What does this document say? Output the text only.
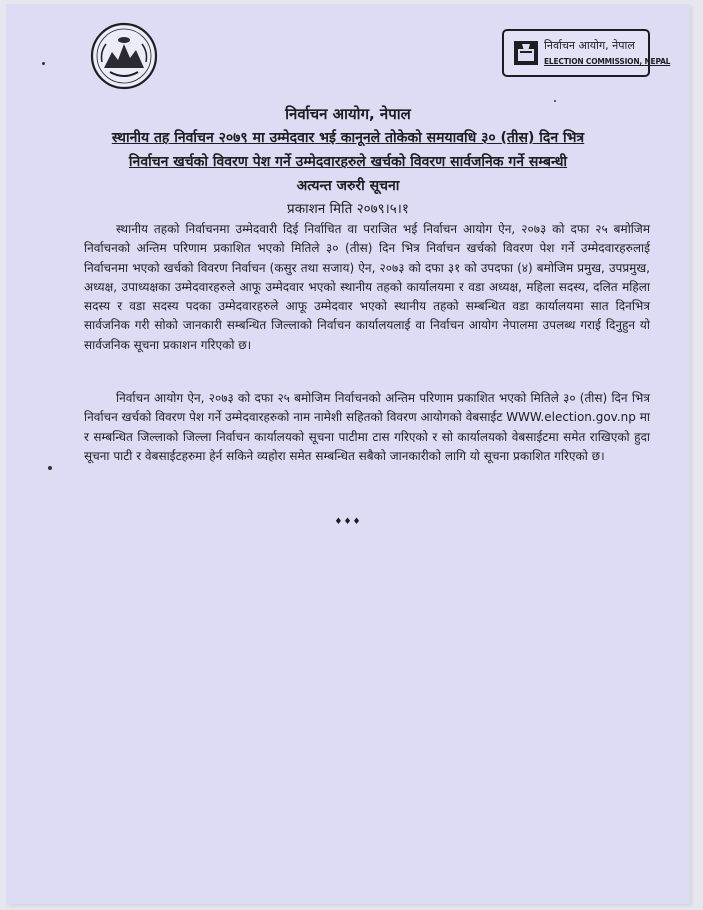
निर्वाचन आयोग, नेपाल
ELECTION COMMISSION, NEPAL
निर्वाचन आयोग, नेपाल
स्थानीय तह निर्वाचन २०७९ मा उम्मेदवार भई कानूनले तोकेको समयावधि ३० (तीस) दिन भित्र
निर्वाचन खर्चको विवरण पेश गर्ने उम्मेदवारहरुले खर्चको विवरण सार्वजनिक गर्ने सम्बन्धी
अत्यन्त जरुरी सूचना
प्रकाशन मिति २०७९।५।१

स्थानीय तहको निर्वाचनमा उम्मेदवारी दिई निर्वाचित वा पराजित भई निर्वाचन आयोग ऐन, २०७३ को दफा २५ बमोजिम निर्वाचनको अन्तिम परिणाम प्रकाशित भएको मितिले ३० (तीस) दिन भित्र निर्वाचन खर्चको विवरण पेश गर्ने उम्मेदवारहरुलाई निर्वाचनमा भएको खर्चको विवरण निर्वाचन (कसुर तथा सजाय) ऐन, २०७३ को दफा ३१ को उपदफा (४) बमोजिम प्रमुख, उपप्रमुख, अध्यक्ष, उपाध्यक्षका उम्मेदवारहरुले आफू उम्मेदवार भएको स्थानीय तहको कार्यालयमा र वडा अध्यक्ष, महिला सदस्य, दलित महिला सदस्य र वडा सदस्य पदका उम्मेदवारहरुले आफू उम्मेदवार भएको स्थानीय तहको सम्बन्धित वडा कार्यालयमा सात दिनभित्र सार्वजनिक गरी सोको जानकारी सम्बन्धित जिल्लाको निर्वाचन कार्यालयलाई वा निर्वाचन आयोग नेपालमा उपलब्ध गराई दिनुहुन यो सार्वजनिक सूचना प्रकाशन गरिएको छ।

निर्वाचन आयोग ऐन, २०७३ को दफा २५ बमोजिम निर्वाचनको अन्तिम परिणाम प्रकाशित भएको मितिले ३० (तीस) दिन भित्र निर्वाचन खर्चको विवरण पेश गर्ने उम्मेदवारहरुको नाम नामेशी सहितको विवरण आयोगको वेबसाईट WWW.election.gov.np मा र सम्बन्धित जिल्लाको जिल्ला निर्वाचन कार्यालयको सूचना पाटीमा टास गरिएको र सो कार्यालयको वेबसाईटमा समेत राखिएको हुदा सूचना पाटी र वेबसाईटहरुमा हेर्न सकिने व्यहोरा समेत सम्बन्धित सबैको जानकारीको लागि यो सूचना प्रकाशित गरिएको छ।

♦♦♦
